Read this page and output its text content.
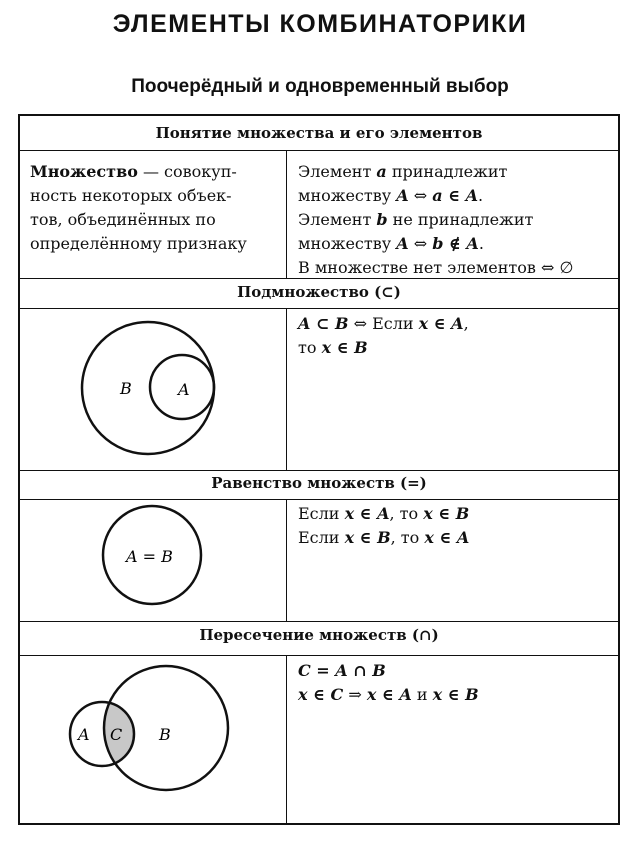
ЭЛЕМЕНТЫ КОМБИНАТОРИКИ
Поочерёдный и одновременный выбор
Понятие множества и его элементов
Множество — совокуп-
ность некоторых объек-
тов, объединённых по
определённому признаку
Элемент a принадлежит
множеству A ⇔ a ∈ A.
Элемент b не принадлежит
множеству A ⇔ b ∉ A.
В множестве нет элементов ⇔ ∅
Подмножество (⊂)
B	A
A ⊂ B ⇔ Если x ∈ A,
то x ∈ B
Равенство множеств (=)
A = B
Если x ∈ A, то x ∈ B
Если x ∈ B, то x ∈ A
Пересечение множеств (∩)
A C B
C = A ∩ B
x ∈ C ⇒ x ∈ A и x ∈ B
